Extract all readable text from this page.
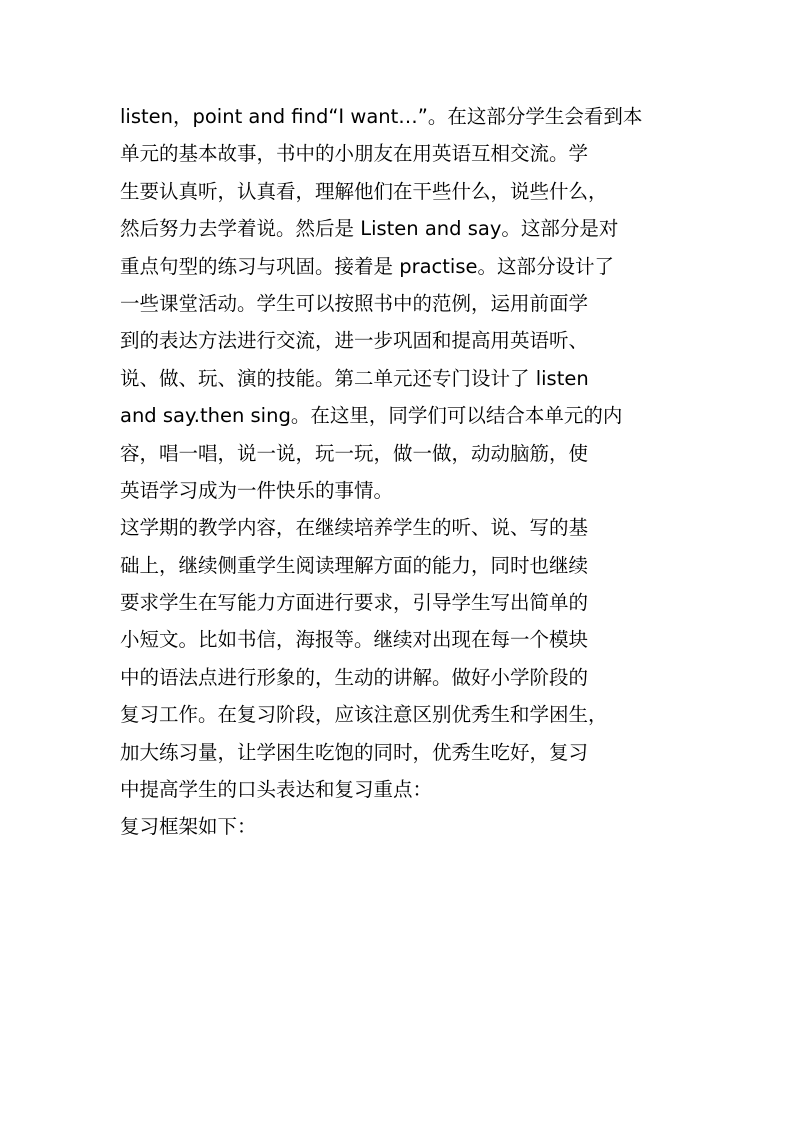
listen，point and find“I want…”。在这部分学生会看到本
单元的基本故事，书中的小朋友在用英语互相交流。学
生要认真听，认真看，理解他们在干些什么，说些什么，
然后努力去学着说。然后是 Listen and say。这部分是对
重点句型的练习与巩固。接着是 practise。这部分设计了
一些课堂活动。学生可以按照书中的范例，运用前面学
到的表达方法进行交流，进一步巩固和提高用英语听、
说、做、玩、演的技能。第二单元还专门设计了 listen
and say.then sing。在这里，同学们可以结合本单元的内
容，唱一唱，说一说，玩一玩，做一做，动动脑筋，使
英语学习成为一件快乐的事情。
这学期的教学内容，在继续培养学生的听、说、写的基
础上，继续侧重学生阅读理解方面的能力，同时也继续
要求学生在写能力方面进行要求，引导学生写出简单的
小短文。比如书信，海报等。继续对出现在每一个模块
中的语法点进行形象的，生动的讲解。做好小学阶段的
复习工作。在复习阶段，应该注意区别优秀生和学困生，
加大练习量，让学困生吃饱的同时，优秀生吃好，复习
中提高学生的口头表达和复习重点：
复习框架如下：
